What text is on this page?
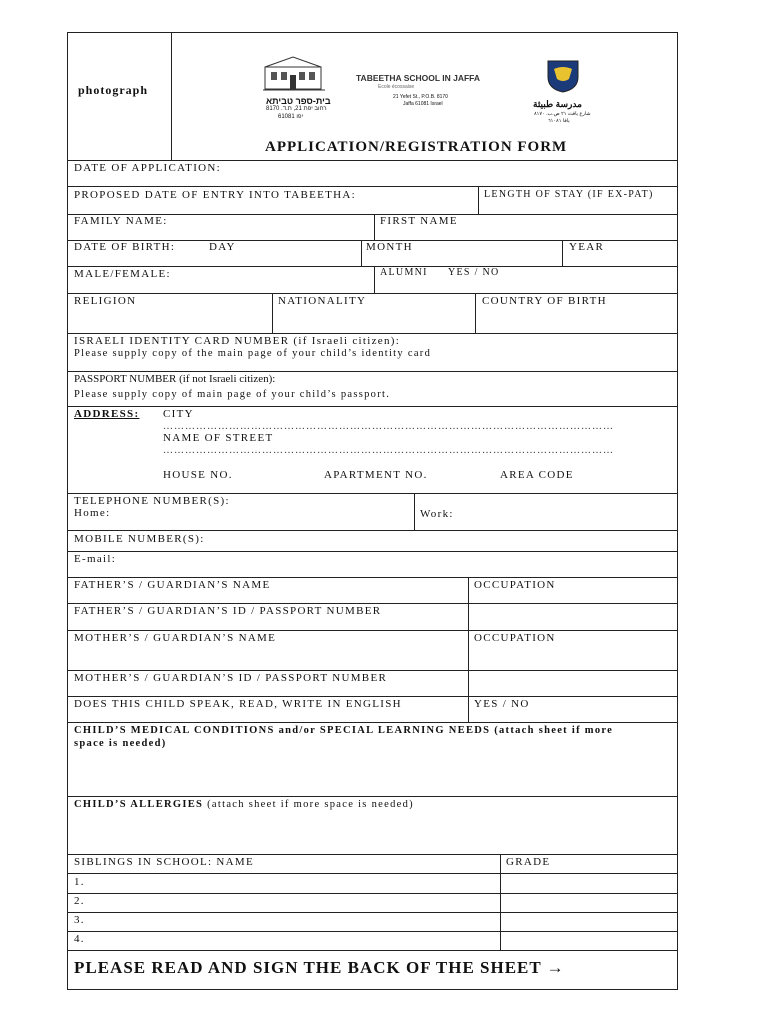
photograph
בית-ספר טביתא
רחוב יפת 21, ת.ד. 8170
יפו 61081
TABEETHA SCHOOL IN JAFFA
Ecole écossaise
21 Yefet St., P.O.B. 8170
Jaffa 61081 Israel	مدرسة طبيثة
شارع يافث ٢١ ص.ب. ٨١٧٠
يافا ٦١٠٨١
APPLICATION/REGISTRATION FORM
DATE OF APPLICATION:
PROPOSED DATE OF ENTRY INTO TABEETHA:	LENGTH OF STAY (IF EX-PAT)
FAMILY NAME:	FIRST NAME
DATE OF BIRTH:	DAY	MONTH	YEAR
MALE/FEMALE:	ALUMNI YES / NO
RELIGION	NATIONALITY	COUNTRY OF BIRTH
ISRAELI IDENTITY CARD NUMBER (if Israeli citizen):
Please supply copy of the main page of your child’s identity card
PASSPORT NUMBER (if not Israeli citizen):
Please supply copy of main page of your child’s passport.
ADDRESS: CITY
……………………………………………………………………………………………………………
NAME OF STREET
……………………………………………………………………………………………………………
HOUSE NO.	APARTMENT NO.	AREA CODE
TELEPHONE NUMBER(S):
Home:	Work:
MOBILE NUMBER(S):
E-mail:
FATHER’S / GUARDIAN’S NAME	OCCUPATION
FATHER’S / GUARDIAN’S ID / PASSPORT NUMBER
MOTHER’S / GUARDIAN’S NAME	OCCUPATION
MOTHER’S / GUARDIAN’S ID / PASSPORT NUMBER
DOES THIS CHILD SPEAK, READ, WRITE IN ENGLISH	YES / NO
CHILD’S MEDICAL CONDITIONS and/or SPECIAL LEARNING NEEDS (attach sheet if more
space is needed)
CHILD’S ALLERGIES (attach sheet if more space is needed)
SIBLINGS IN SCHOOL: NAME	GRADE
1.
2.
3.
4.
PLEASE READ AND SIGN THE BACK OF THE SHEET →
